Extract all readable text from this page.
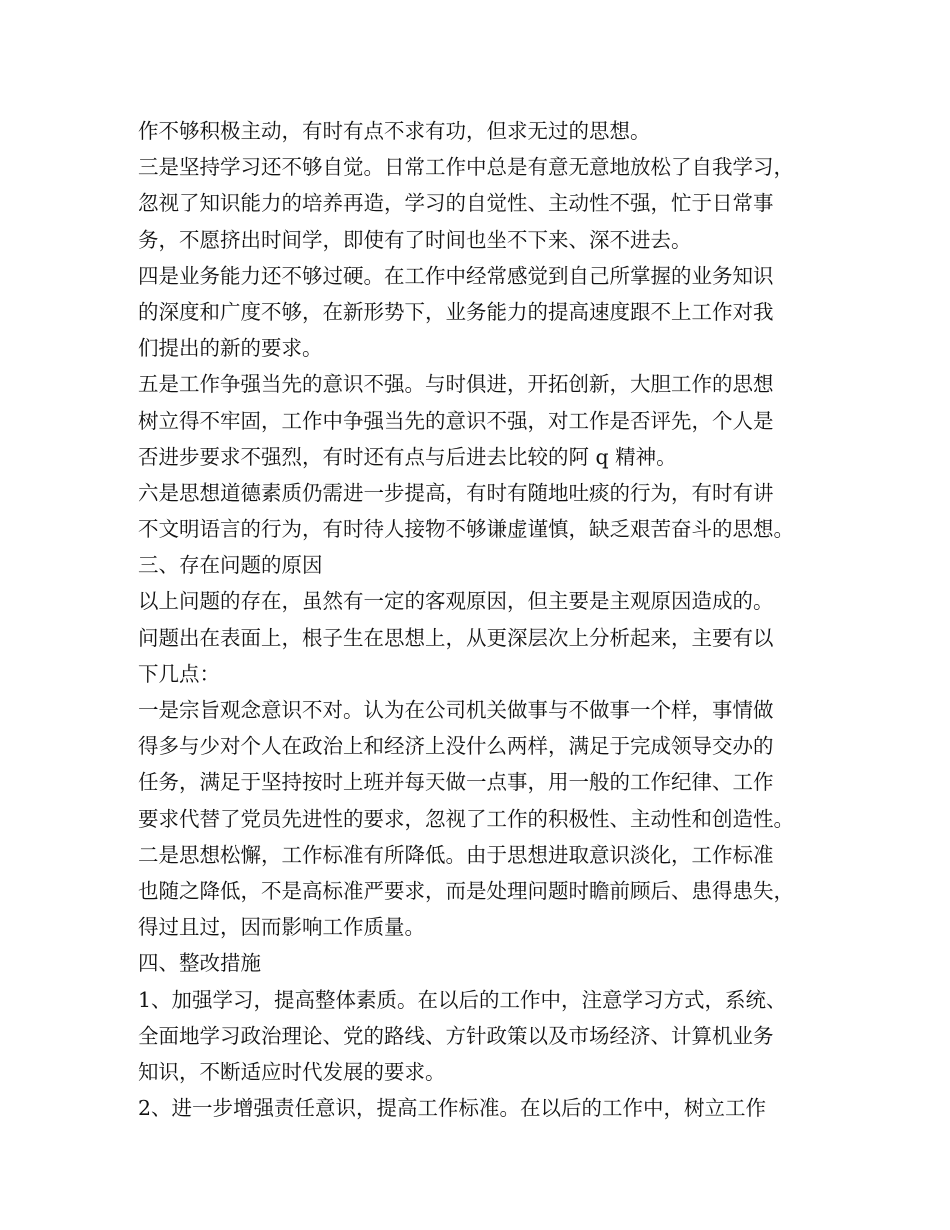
作不够积极主动，有时有点不求有功，但求无过的思想。
三是坚持学习还不够自觉。日常工作中总是有意无意地放松了自我学习，
忽视了知识能力的培养再造，学习的自觉性、主动性不强，忙于日常事
务，不愿挤出时间学，即使有了时间也坐不下来、深不进去。
四是业务能力还不够过硬。在工作中经常感觉到自己所掌握的业务知识
的深度和广度不够，在新形势下，业务能力的提高速度跟不上工作对我
们提出的新的要求。
五是工作争强当先的意识不强。与时俱进，开拓创新，大胆工作的思想
树立得不牢固，工作中争强当先的意识不强，对工作是否评先，个人是
否进步要求不强烈，有时还有点与后进去比较的阿 q 精神。
六是思想道德素质仍需进一步提高，有时有随地吐痰的行为，有时有讲
不文明语言的行为，有时待人接物不够谦虚谨慎，缺乏艰苦奋斗的思想。
三、存在问题的原因
以上问题的存在，虽然有一定的客观原因，但主要是主观原因造成的。
问题出在表面上，根子生在思想上，从更深层次上分析起来，主要有以
下几点：
一是宗旨观念意识不对。认为在公司机关做事与不做事一个样，事情做
得多与少对个人在政治上和经济上没什么两样，满足于完成领导交办的
任务，满足于坚持按时上班并每天做一点事，用一般的工作纪律、工作
要求代替了党员先进性的要求，忽视了工作的积极性、主动性和创造性。
二是思想松懈，工作标准有所降低。由于思想进取意识淡化，工作标准
也随之降低，不是高标准严要求，而是处理问题时瞻前顾后、患得患失，
得过且过，因而影响工作质量。
四、整改措施
1、加强学习，提高整体素质。在以后的工作中，注意学习方式，系统、
全面地学习政治理论、党的路线、方针政策以及市场经济、计算机业务
知识，不断适应时代发展的要求。
2、进一步增强责任意识，提高工作标准。在以后的工作中，树立工作
